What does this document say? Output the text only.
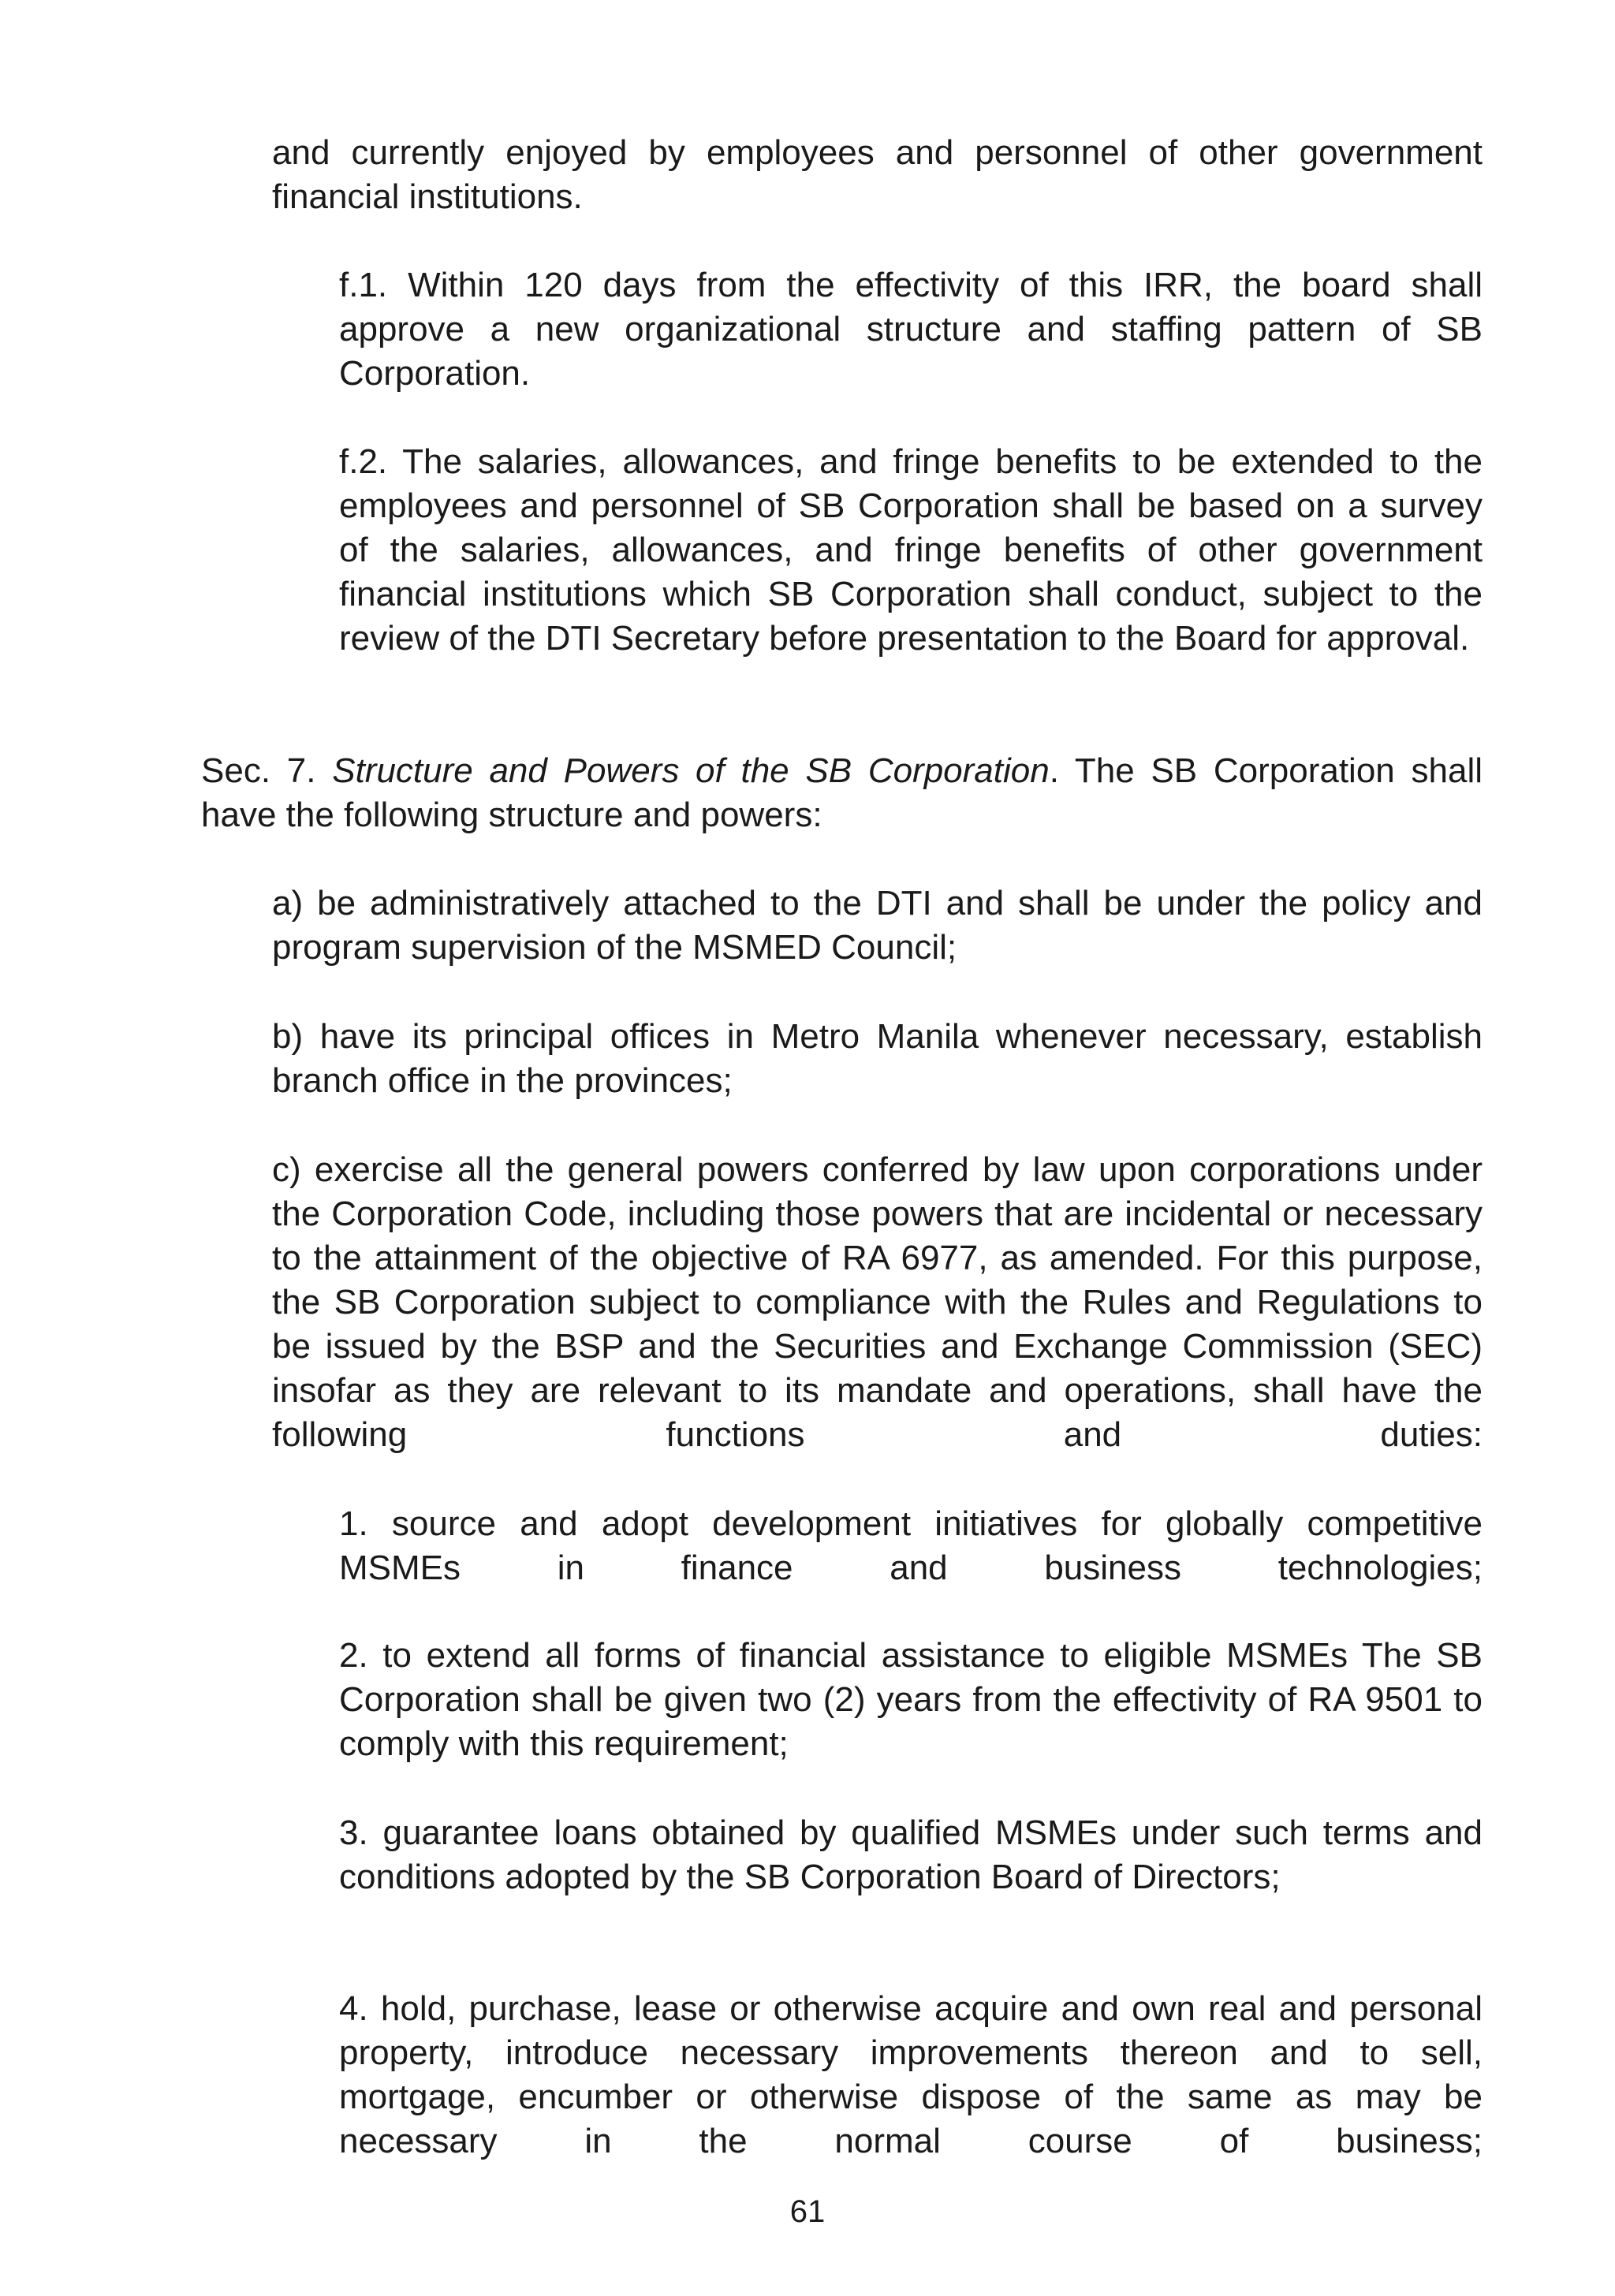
and currently enjoyed by employees and personnel of other government financial institutions.

f.1. Within 120 days from the effectivity of this IRR, the board shall approve a new organizational structure and staffing pattern of SB Corporation.

f.2. The salaries, allowances, and fringe benefits to be extended to the employees and personnel of SB Corporation shall be based on a survey of the salaries, allowances, and fringe benefits of other government financial institutions which SB Corporation shall conduct, subject to the review of the DTI Secretary before presentation to the Board for approval.

Sec. 7. Structure and Powers of the SB Corporation. The SB Corporation shall have the following structure and powers:

a) be administratively attached to the DTI and shall be under the policy and program supervision of the MSMED Council;

b) have its principal offices in Metro Manila whenever necessary, establish branch office in the provinces;

c) exercise all the general powers conferred by law upon corporations under the Corporation Code, including those powers that are incidental or necessary to the attainment of the objective of RA 6977, as amended. For this purpose, the SB Corporation subject to compliance with the Rules and Regulations to be issued by the BSP and the Securities and Exchange Commission (SEC) insofar as they are relevant to its mandate and operations, shall have the following functions and duties:

1. source and adopt development initiatives for globally competitive MSMEs in finance and business technologies;

2. to extend all forms of financial assistance to eligible MSMEs The SB Corporation shall be given two (2) years from the effectivity of RA 9501 to comply with this requirement;

3. guarantee loans obtained by qualified MSMEs under such terms and conditions adopted by the SB Corporation Board of Directors;

4. hold, purchase, lease or otherwise acquire and own real and personal property, introduce necessary improvements thereon and to sell, mortgage, encumber or otherwise dispose of the same as may be necessary in the normal course of business;

61
